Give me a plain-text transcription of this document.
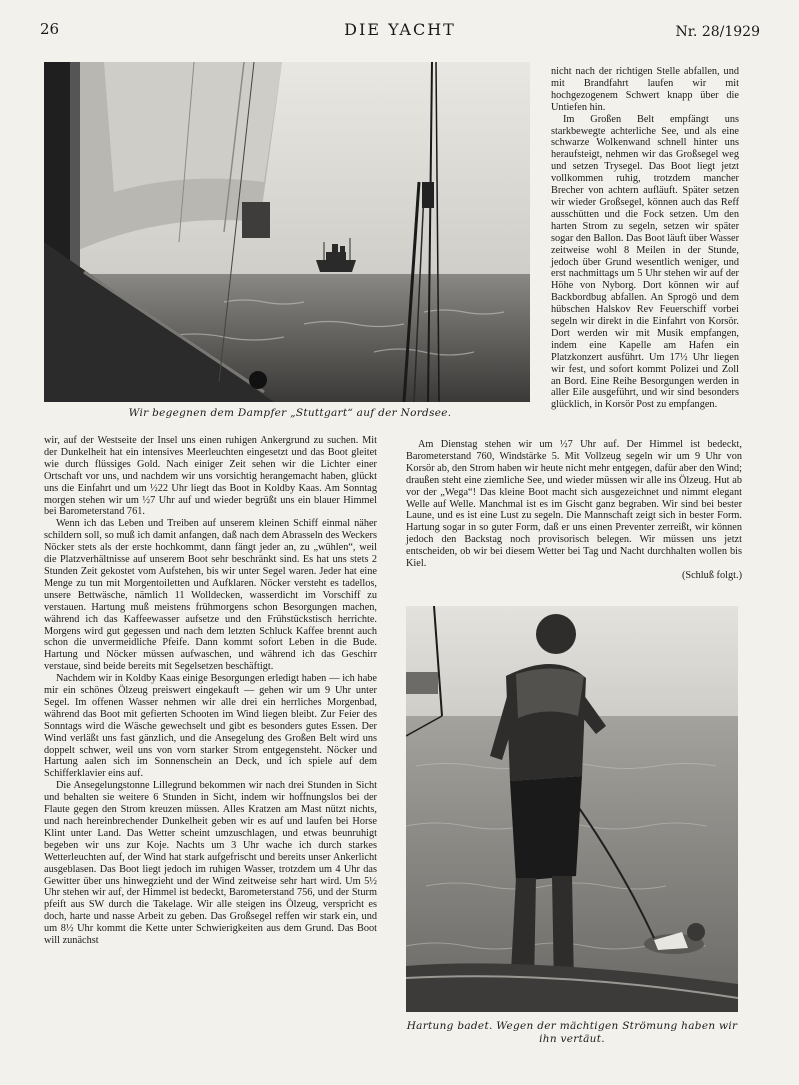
26	DIE YACHT	Nr. 28/1929
Wir begegnen dem Dampfer „Stuttgart“ auf der Nordsee.

nicht nach der richtigen Stelle abfallen, und mit Brandfahrt laufen wir mit hochgezogenem Schwert knapp über die Untiefen hin.

Im Großen Belt empfängt uns starkbewegte achterliche See, und als eine schwarze Wolkenwand schnell hinter uns heraufsteigt, nehmen wir das Großsegel weg und setzen Trysegel. Das Boot liegt jetzt vollkommen ruhig, trotzdem mancher Brecher von achtern aufläuft. Später setzen wir wieder Großsegel, können auch das Reff ausschütten und die Fock setzen. Um den harten Strom zu segeln, setzen wir später sogar den Ballon. Das Boot läuft über Wasser zeitweise wohl 8 Meilen in der Stunde, jedoch über Grund wesentlich weniger, und erst nachmittags um 5 Uhr stehen wir auf der Höhe von Nyborg. Dort können wir auf Backbordbug abfallen. An Sprogö und dem hübschen Halskov Rev Feuerschiff vorbei segeln wir direkt in die Einfahrt von Korsör. Dort werden wir mit Musik empfangen, indem eine Kapelle am Hafen ein Platzkonzert ausführt. Um 17½ Uhr liegen wir fest, und sofort kommt Polizei und Zoll an Bord. Eine Reihe Besorgungen werden in aller Eile ausgeführt, und wir sind besonders glücklich, in Korsör Post zu empfangen.

Am Dienstag stehen wir um ½7 Uhr auf. Der Himmel ist bedeckt, Barometerstand 760, Windstärke 5. Mit Vollzeug segeln wir um 9 Uhr von Korsör ab, den Strom haben wir heute nicht mehr entgegen, dafür aber den Wind; draußen steht eine ziemliche See, und wieder müssen wir alle ins Ölzeug. Hut ab vor der „Wega“! Das kleine Boot macht sich ausgezeichnet und nimmt elegant Welle auf Welle. Manchmal ist es im Gischt ganz begraben. Wir sind bei bester Laune, und es ist eine Lust zu segeln. Die Mannschaft zeigt sich in bester Form. Hartung sogar in so guter Form, daß er uns einen Preventer zerreißt, wir können jedoch den Backstag noch provisorisch belegen. Wir müssen uns jetzt entscheiden, ob wir bei diesem Wetter bei Tag und Nacht durchhalten wollen bis Kiel.

(Schluß folgt.)

wir, auf der Westseite der Insel uns einen ruhigen Ankergrund zu suchen. Mit der Dunkelheit hat ein intensives Meerleuchten eingesetzt und das Boot gleitet wie durch flüssiges Gold. Nach einiger Zeit sehen wir die Lichter einer Ortschaft vor uns, und nachdem wir uns vorsichtig herangemacht haben, glückt uns die Einfahrt und um ½22 Uhr liegt das Boot in Koldby Kaas. Am Sonntag morgen stehen wir um ½7 Uhr auf und wieder begrüßt uns ein blauer Himmel bei Barometerstand 761.

Wenn ich das Leben und Treiben auf unserem kleinen Schiff einmal näher schildern soll, so muß ich damit anfangen, daß nach dem Abrasseln des Weckers Nöcker stets als der erste hochkommt, dann fängt jeder an, zu „wühlen“, weil die Platzverhältnisse auf unserem Boot sehr beschränkt sind. Es hat uns stets 2 Stunden Zeit gekostet vom Aufstehen, bis wir unter Segel waren. Jeder hat eine Menge zu tun mit Morgentoiletten und Aufklaren. Nöcker versteht es tadellos, unsere Bettwäsche, nämlich 11 Wolldecken, wasserdicht im Vorschiff zu verstauen. Hartung muß meistens frühmorgens schon Besorgungen machen, während ich das Kaffeewasser aufsetze und den Frühstückstisch herrichte. Morgens wird gut gegessen und nach dem letzten Schluck Kaffee brennt auch schon die unvermeidliche Pfeife. Dann kommt sofort Leben in die Bude. Hartung und Nöcker müssen aufwaschen, und während ich das Geschirr verstaue, sind beide bereits mit Segelsetzen beschäftigt.

Nachdem wir in Koldby Kaas einige Besorgungen erledigt haben — ich habe mir ein schönes Ölzeug preiswert eingekauft — gehen wir um 9 Uhr unter Segel. Im offenen Wasser nehmen wir alle drei ein herrliches Morgenbad, während das Boot mit gefierten Schooten im Wind liegen bleibt. Zur Feier des Sonntags wird die Wäsche gewechselt und gibt es besonders gutes Essen. Der Wind verläßt uns fast gänzlich, und die Ansegelung des Großen Belt wird uns doppelt schwer, weil uns von vorn starker Strom entgegensteht. Nöcker und Hartung aalen sich im Sonnenschein an Deck, und ich spiele auf dem Schifferklavier eins auf.

Die Ansegelungstonne Lillegrund bekommen wir nach drei Stunden in Sicht und behalten sie weitere 6 Stunden in Sicht, indem wir hoffnungslos bei der Flaute gegen den Strom kreuzen müssen. Alles Kratzen am Mast nützt nichts, und nach hereinbrechender Dunkelheit geben wir es auf und laufen bei Horse Klint unter Land. Das Wetter scheint umzuschlagen, und etwas beunruhigt begeben wir uns zur Koje. Nachts um 3 Uhr wache ich durch starkes Wetterleuchten auf, der Wind hat stark aufgefrischt und bereits unser Ankerlicht ausgeblasen. Das Boot liegt jedoch im ruhigen Wasser, trotzdem um 4 Uhr das Gewitter über uns hinwegzieht und der Wind zeitweise sehr hart wird. Um 5½ Uhr stehen wir auf, der Himmel ist bedeckt, Barometerstand 756, und der Sturm pfeift aus SW durch die Takelage. Wir alle steigen ins Ölzeug, verspricht es doch, harte und nasse Arbeit zu geben. Das Großsegel reffen wir stark ein, und um 8½ Uhr kommt die Kette unter Schwierigkeiten aus dem Grund. Das Boot will zunächst

Hartung badet. Wegen der mächtigen Strömung haben wir
ihn vertäut.
